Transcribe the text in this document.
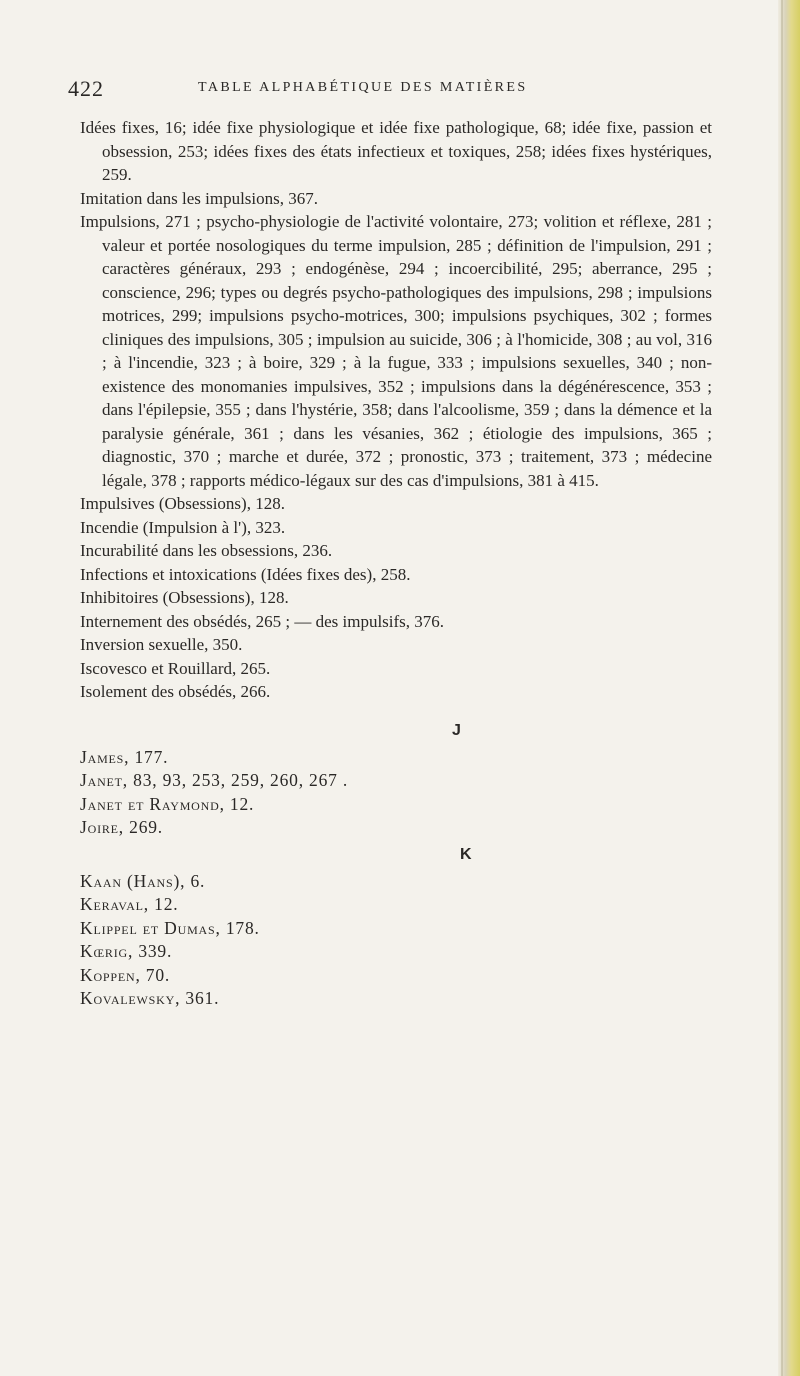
422	TABLE ALPHABÉTIQUE DES MATIÈRES

Idées fixes, 16; idée fixe physiologique et idée fixe pathologique, 68; idée fixe, passion et obsession, 253; idées fixes des états infectieux et toxiques, 258; idées fixes hystériques, 259.

Imitation dans les impulsions, 367.

Impulsions, 271 ; psycho-physiologie de l'activité volontaire, 273; volition et réflexe, 281 ; valeur et portée nosologiques du terme impulsion, 285 ; définition de l'impulsion, 291 ; caractères généraux, 293 ; endogénèse, 294 ; incoercibilité, 295; aberrance, 295 ; conscience, 296; types ou degrés psycho-pathologiques des impulsions, 298 ; impulsions motrices, 299; impulsions psycho-motrices, 300; impulsions psychiques, 302 ; formes cliniques des impulsions, 305 ; impulsion au suicide, 306 ; à l'homicide, 308 ; au vol, 316 ; à l'incendie, 323 ; à boire, 329 ; à la fugue, 333 ; impulsions sexuelles, 340 ; non-existence des monomanies impulsives, 352 ; impulsions dans la dégénérescence, 353 ; dans l'épilepsie, 355 ; dans l'hystérie, 358; dans l'alcoolisme, 359 ; dans la démence et la paralysie générale, 361 ; dans les vésanies, 362 ; étiologie des impulsions, 365 ; diagnostic, 370 ; marche et durée, 372 ; pronostic, 373 ; traitement, 373 ; médecine légale, 378 ; rapports médico-légaux sur des cas d'impulsions, 381 à 415.

Impulsives (Obsessions), 128.

Incendie (Impulsion à l'), 323.

Incurabilité dans les obsessions, 236.

Infections et intoxications (Idées fixes des), 258.

Inhibitoires (Obsessions), 128.

Internement des obsédés, 265 ; — des impulsifs, 376.

Inversion sexuelle, 350.

Iscovesco et Rouillard, 265.

Isolement des obsédés, 266.

J

James, 177.

Janet, 83, 93, 253, 259, 260, 267 .

Janet et Raymond, 12.

Joire, 269.

K

Kaan (Hans), 6.

Keraval, 12.

Klippel et Dumas, 178.

Kœrig, 339.

Koppen, 70.

Kovalewsky, 361.
